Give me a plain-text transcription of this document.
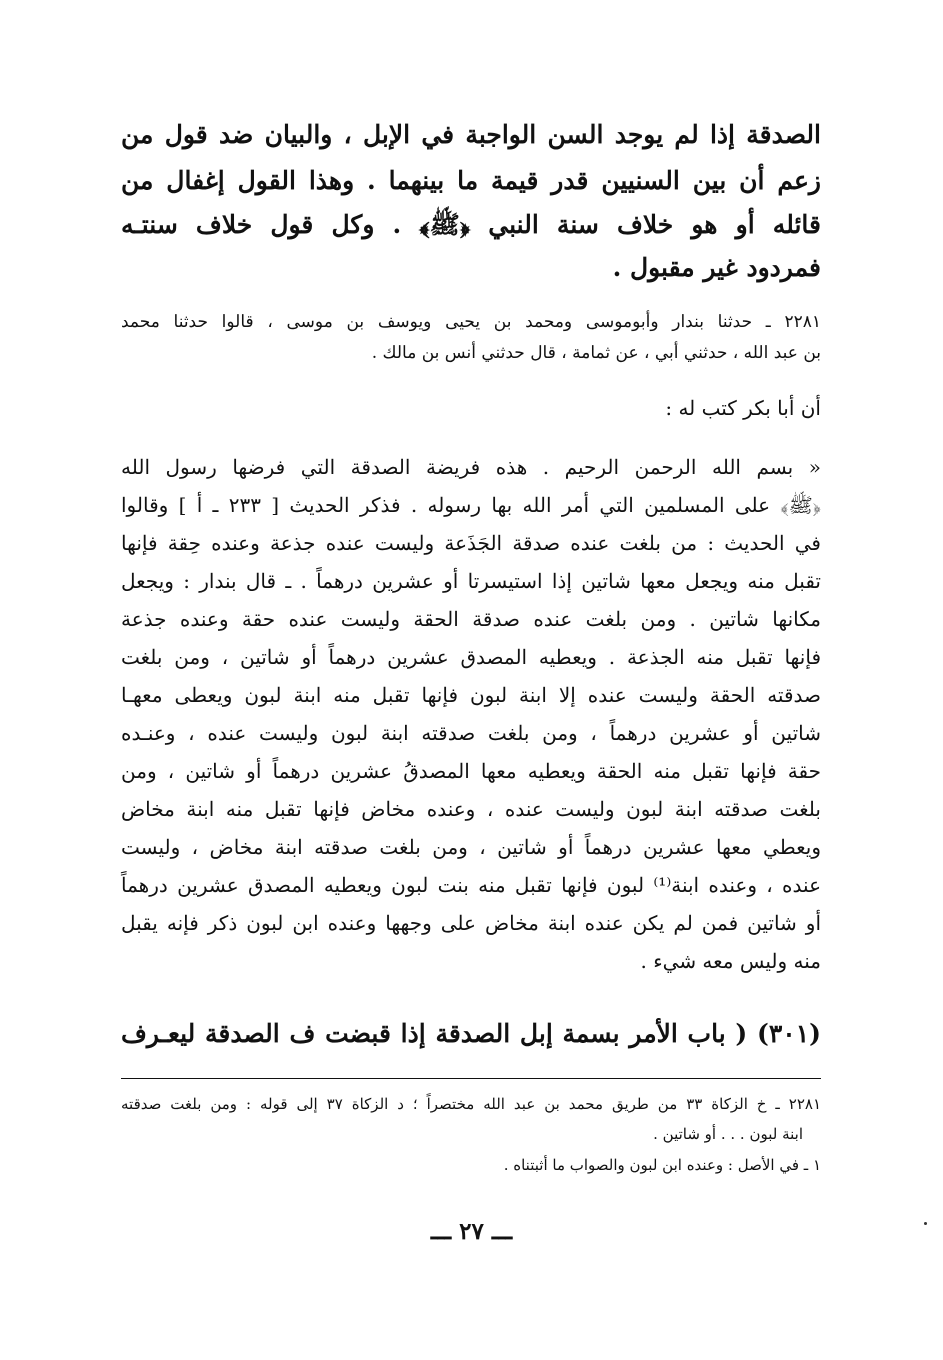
الصدقة إذا لم يوجد السن الواجبة في الإبل ، والبيان ضد قول من
زعم أن بين السنيين قدر قيمة ما بينهما . وهذا القول إغفال من
قائله أو هو خلاف سنة النبي ﴿ﷺ﴾ . وكل قول خلاف سنتـه
فمردود غير مقبول .
٢٢٨١ ـ حدثنا بندار وأبوموسى ومحمد بن يحيى ويوسف بن موسى ، قالوا حدثنا محمد
بن عبد الله ، حدثني أبي ، عن ثمامة ، قال حدثني أنس بن مالك .
أن أبا بكر كتب له :
« بسم الله الرحمن الرحيم . هذه فريضة الصدقة التي فرضها رسول الله
﴿ﷺ﴾ على المسلمين التي أمر الله بها رسوله . فذكر الحديث [ ٢٣٣ ـ أ ] وقالوا
في الحديث : من بلغت عنده صدقة الجَذَعة وليست عنده جذعة وعنده حِقة فإنها
تقبل منه ويجعل معها شاتين إذا استيسرتا أو عشرين درهماً . ـ قال بندار : ويجعل
مكانها شاتين . ومن بلغت عنده صدقة الحقة وليست عنده حقة وعنده جذعة
فإنها تقبل منه الجذعة . ويعطيه المصدق عشرين درهماً أو شاتين ، ومن بلغت
صدقته الحقة وليست عنده إلا ابنة لبون فإنها تقبل منه ابنة لبون ويعطى معهـا
شاتين أو عشرين درهماً ، ومن بلغت صدقته ابنة لبون وليست عنده ، وعنـده
حقة فإنها تقبل منه الحقة ويعطيه معها المصدقُ عشرين درهماً أو شاتين ، ومن
بلغت صدقته ابنة لبون وليست عنده ، وعنده مخاض فإنها تقبل منه ابنة مخاض
ويعطي معها عشرين درهماً أو شاتين ، ومن بلغت صدقته ابنة مخاض ، وليست
عنده ، وعنده ابنة⁽¹⁾ لبون فإنها تقبل منه بنت لبون ويعطيه المصدق عشرين درهماً
أو شاتين فمن لم يكن عنده ابنة مخاض على وجهها وعنده ابن لبون ذكر فإنه يقبل
منه وليس معه شيء .
(٣٠١) ( باب الأمر بسمة إبل الصدقة إذا قبضت ف الصدقة ليعـرف
٢٢٨١ ـ خ الزكاة ٣٣ من طريق محمد بن عبد الله مختصراً ؛ د الزكاة ٣٧ إلى قوله : ومن بلغت صدقته
ابنة لبون . . . أو شاتين .
١ ـ في الأصل : وعنده ابن لبون والصواب ما أثبتناه .
ـــ ٢٧ ـــ
